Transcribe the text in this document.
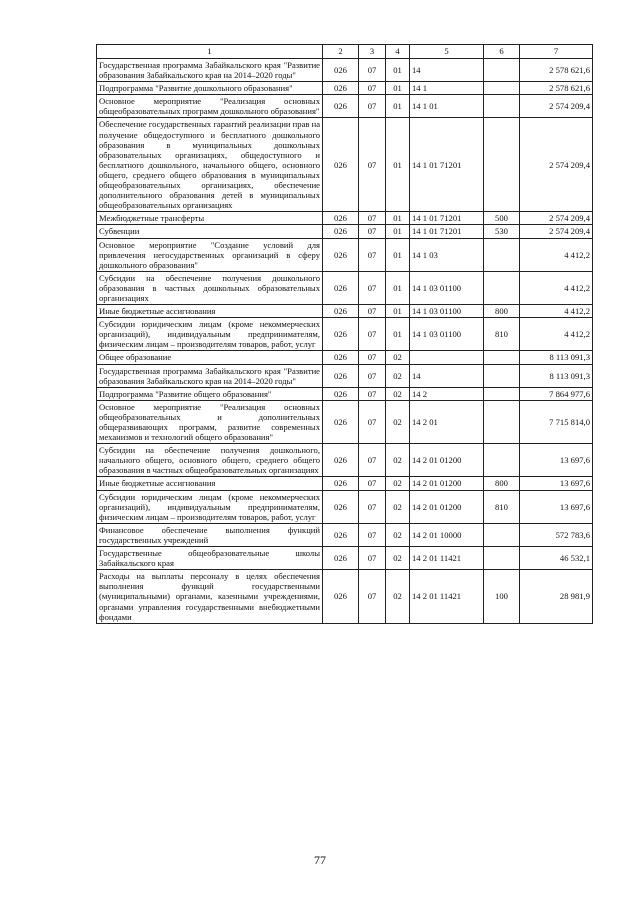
1	2	3	4	5	6	7
Государственная программа Забайкальского края "Развитие образования Забайкальского края на 2014–2020 годы"	026	07	01	14		2 578 621,6
Подпрограмма "Развитие дошкольного образования"	026	07	01	14 1		2 578 621,6
Основное мероприятие "Реализация основных общеобразовательных программ дошкольного образования"	026	07	01	14 1 01		2 574 209,4
Обеспечение государственных гарантий реализации прав на получение общедоступного и бесплатного дошкольного образования в муниципальных дошкольных образовательных организациях, общедоступного и бесплатного дошкольного, начального общего, основного общего, среднего общего образования в муниципальных общеобразовательных организациях, обеспечение дополнительного образования детей в муниципальных общеобразовательных организациях	026	07	01	14 1 01 71201		2 574 209,4
Межбюджетные трансферты	026	07	01	14 1 01 71201	500	2 574 209,4
Субвенции	026	07	01	14 1 01 71201	530	2 574 209,4
Основное мероприятие "Создание условий для привлечения негосударственных организаций в сферу дошкольного образования"	026	07	01	14 1 03		4 412,2
Субсидии на обеспечение получения дошкольного образования в частных дошкольных образовательных организациях	026	07	01	14 1 03 01100		4 412,2
Иные бюджетные ассигнования	026	07	01	14 1 03 01100	800	4 412,2
Субсидии юридическим лицам (кроме некоммерческих организаций), индивидуальным предпринимателям, физическим лицам – производителям товаров, работ, услуг	026	07	01	14 1 03 01100	810	4 412,2
Общее образование	026	07	02			8 113 091,3
Государственная программа Забайкальского края "Развитие образования Забайкальского края на 2014–2020 годы"	026	07	02	14		8 113 091,3
Подпрограмма "Развитие общего образования"	026	07	02	14 2		7 864 977,6
Основное мероприятие "Реализация основных общеобразовательных и дополнительных общеразвивающих программ, развитие современных механизмов и технологий общего образования"	026	07	02	14 2 01		7 715 814,0
Субсидии на обеспечение получения дошкольного, начального общего, основного общего, среднего общего образования в частных общеобразовательных организациях	026	07	02	14 2 01 01200		13 697,6
Иные бюджетные ассигнования	026	07	02	14 2 01 01200	800	13 697,6
Субсидии юридическим лицам (кроме некоммерческих организаций), индивидуальным предпринимателям, физическим лицам – производителям товаров, работ, услуг	026	07	02	14 2 01 01200	810	13 697,6
Финансовое обеспечение выполнения функций государственных учреждений	026	07	02	14 2 01 10000		572 783,6
Государственные общеобразовательные школы Забайкальского края	026	07	02	14 2 01 11421		46 532,1
Расходы на выплаты персоналу в целях обеспечения выполнения функций государственными (муниципальными) органами, казенными учреждениями, органами управления государственными внебюджетными фондами	026	07	02	14 2 01 11421	100	28 981,9
77
